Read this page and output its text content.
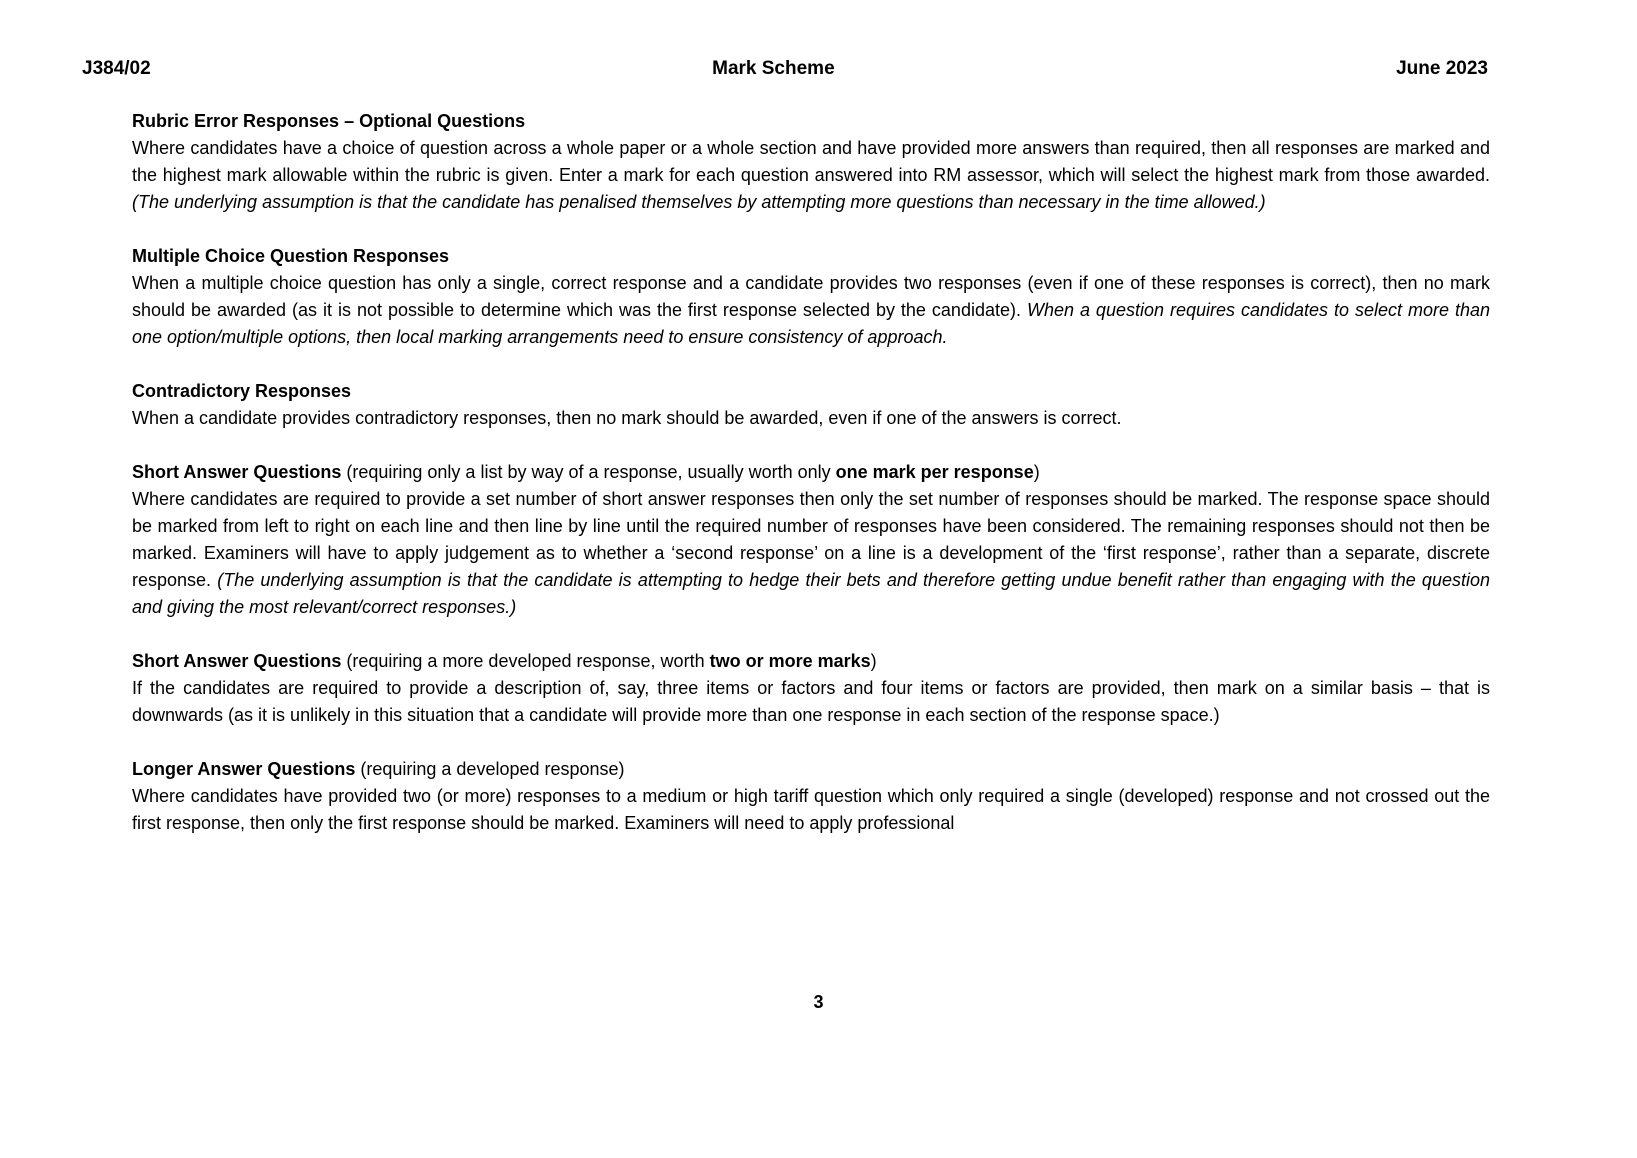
J384/02	Mark Scheme	June 2023
Rubric Error Responses – Optional Questions

Where candidates have a choice of question across a whole paper or a whole section and have provided more answers than required, then all responses are marked and the highest mark allowable within the rubric is given. Enter a mark for each question answered into RM assessor, which will select the highest mark from those awarded. (The underlying assumption is that the candidate has penalised themselves by attempting more questions than necessary in the time allowed.)

Multiple Choice Question Responses

When a multiple choice question has only a single, correct response and a candidate provides two responses (even if one of these responses is correct), then no mark should be awarded (as it is not possible to determine which was the first response selected by the candidate). When a question requires candidates to select more than one option/multiple options, then local marking arrangements need to ensure consistency of approach.

Contradictory Responses

When a candidate provides contradictory responses, then no mark should be awarded, even if one of the answers is correct.

Short Answer Questions (requiring only a list by way of a response, usually worth only one mark per response)

Where candidates are required to provide a set number of short answer responses then only the set number of responses should be marked. The response space should be marked from left to right on each line and then line by line until the required number of responses have been considered. The remaining responses should not then be marked. Examiners will have to apply judgement as to whether a ‘second response’ on a line is a development of the ‘first response’, rather than a separate, discrete response. (The underlying assumption is that the candidate is attempting to hedge their bets and therefore getting undue benefit rather than engaging with the question and giving the most relevant/correct responses.)

Short Answer Questions (requiring a more developed response, worth two or more marks)

If the candidates are required to provide a description of, say, three items or factors and four items or factors are provided, then mark on a similar basis – that is downwards (as it is unlikely in this situation that a candidate will provide more than one response in each section of the response space.)

Longer Answer Questions (requiring a developed response)

Where candidates have provided two (or more) responses to a medium or high tariff question which only required a single (developed) response and not crossed out the first response, then only the first response should be marked. Examiners will need to apply professional

3
